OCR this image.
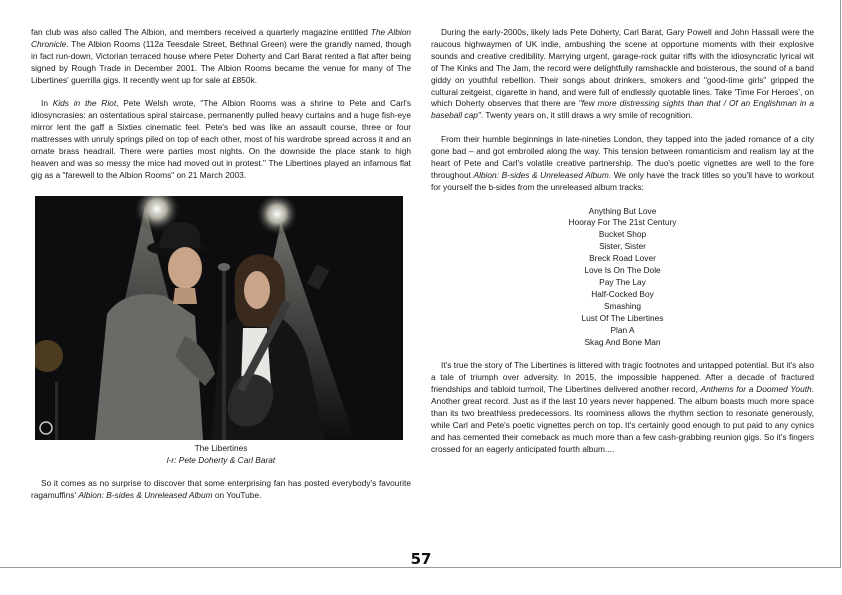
fan club was also called The Albion, and members received a quarterly magazine entitled The Albion Chronicle. The Albion Rooms (112a Teesdale Street, Bethnal Green) were the grandly named, though in fact run-down, Victorian terraced house where Peter Doherty and Carl Barat rented a flat after being signed by Rough Trade in December 2001. The Albion Rooms became the venue for many of The Libertines' guerrilla gigs. It recently went up for sale at £850k.

In Kids in the Riot, Pete Welsh wrote, "The Albion Rooms was a shrine to Pete and Carl's idiosyncrasies: an ostentatious spiral staircase, permanently pulled heavy curtains and a huge fish-eye mirror lent the gaff a Sixties cinematic feel. Pete's bed was like an assault course, three or four mattresses with unruly springs piled on top of each other, most of his wardrobe spread across it and an ornate brass headrail. There were parties most nights. On the downside the place stank to high heaven and was so messy the mice had moved out in protest." The Libertines played an infamous flat gig as a "farewell to the Albion Rooms" on 21 March 2003.

The Libertines
l-r: Pete Doherty & Carl Barat

So it comes as no surprise to discover that some enterprising fan has posted everybody's favourite ragamuffins' Albion: B-sides & Unreleased Album on YouTube.

During the early-2000s, likely lads Pete Doherty, Carl Barat, Gary Powell and John Hassall were the raucous highwaymen of UK indie, ambushing the scene at opportune moments with their explosive sounds and creative credibility. Marrying urgent, garage-rock guitar riffs with the idiosyncratic lyrical wit of The Kinks and The Jam, the record were delightfully ramshackle and boisterous, the sound of a band giddy on youthful rebellion. Their songs about drinkers, smokers and "good-time girls" gripped the cultural zeitgeist, cigarette in hand, and were full of endlessly quotable lines. Take 'Time For Heroes', on which Doherty observes that there are "few more distressing sights than that / Of an Englishman in a baseball cap". Twenty years on, it still draws a wry smile of recognition.

From their humble beginnings in late-nineties London, they tapped into the jaded romance of a city gone bad – and got embroiled along the way. This tension between romanticism and realism lay at the heart of Pete and Carl's volatile creative partnership. The duo's poetic vignettes are well to the fore throughout Albion: B-sides & Unreleased Album. We only have the track titles so you'll have to workout for yourself the b-sides from the unreleased album tracks:

Anything But Love
Hooray For The 21st Century
Bucket Shop
Sister, Sister
Breck Road Lover
Love Is On The Dole
Pay The Lay
Half-Cocked Boy
Smashing
Lust Of The Libertines
Plan A
Skag And Bone Man

It's true the story of The Libertines is littered with tragic footnotes and untapped potential. But it's also a tale of triumph over adversity. In 2015, the impossible happened. After a decade of fractured friendships and tabloid turmoil, The Libertines delivered another record, Anthems for a Doomed Youth. Another great record. Just as if the last 10 years never happened. The album boasts much more space than its two breathless predecessors. Its roominess allows the rhythm section to resonate generously, while Carl and Pete's poetic vignettes perch on top. It's certainly good enough to put paid to any cynics and has cemented their comeback as much more than a few cash-grabbing reunion gigs. So it's fingers crossed for an eagerly anticipated fourth album....

57
